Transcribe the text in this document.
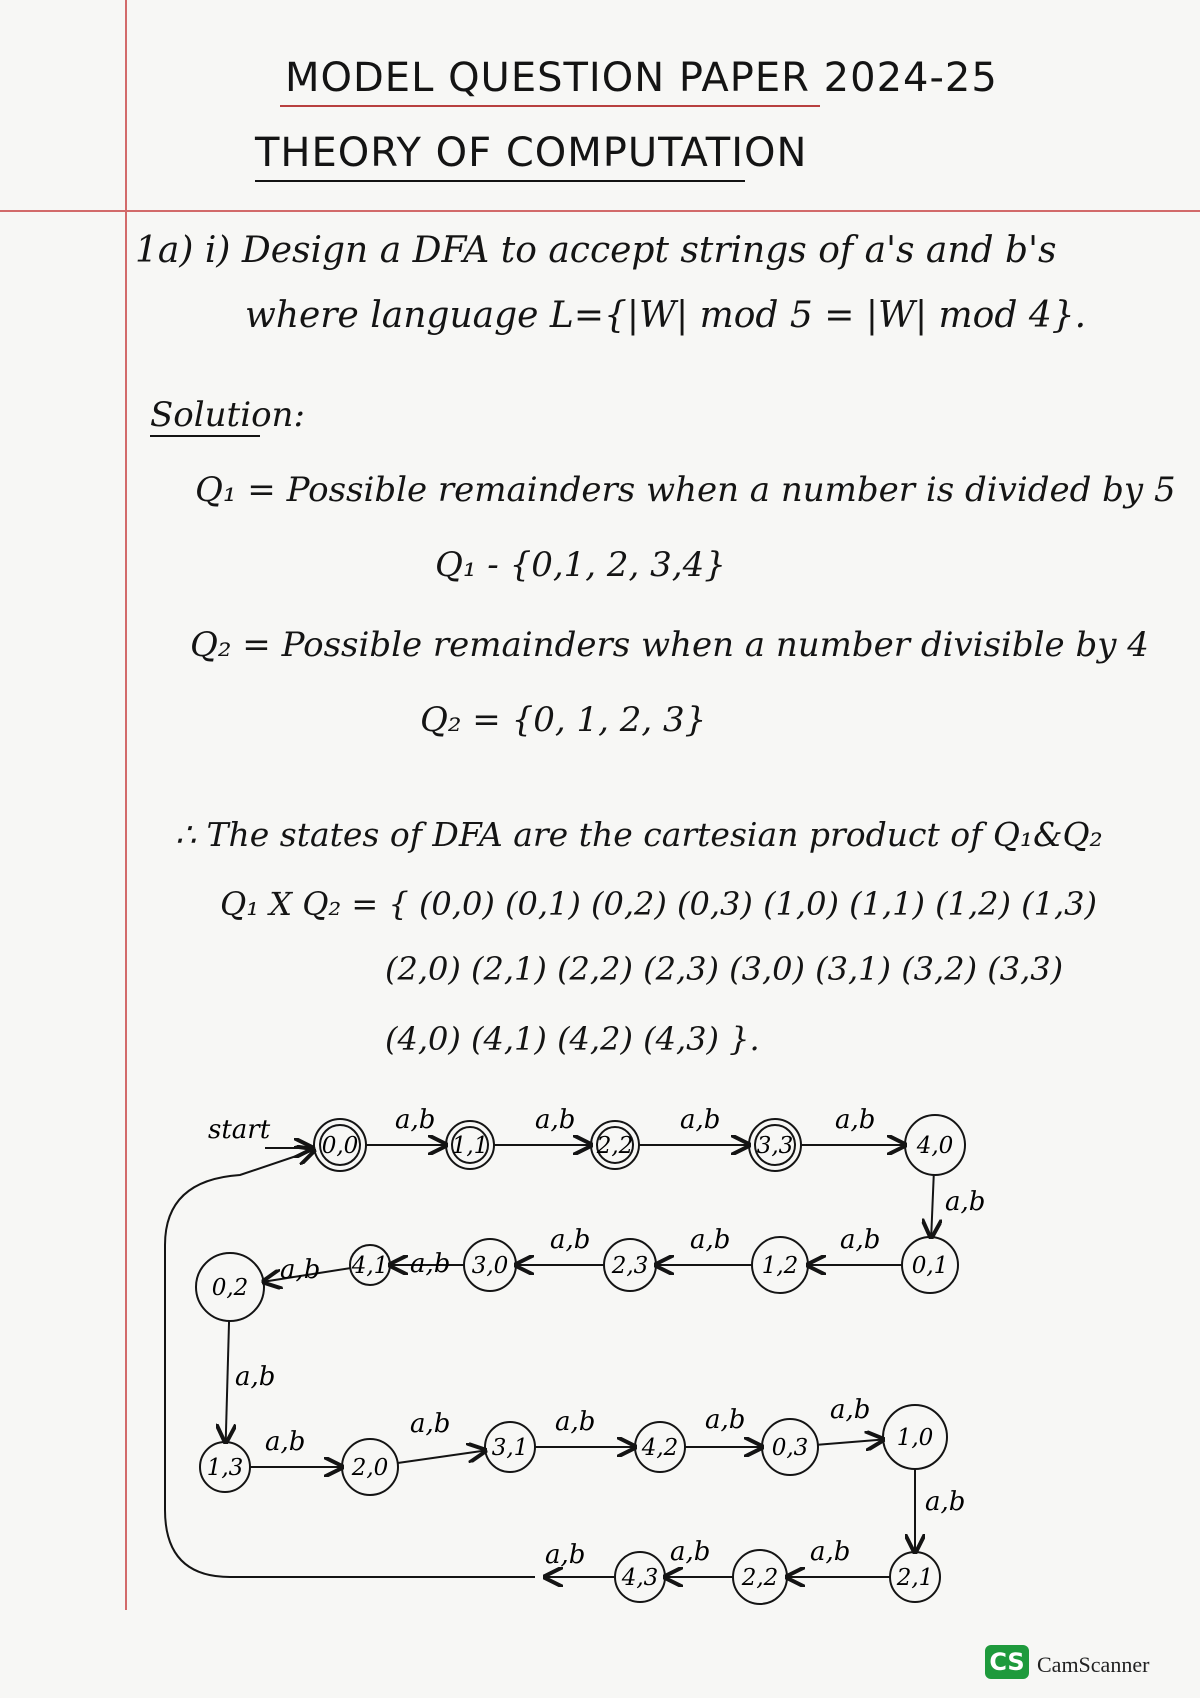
MODEL QUESTION PAPER 2024-25
THEORY OF COMPUTATION
1a) i) Design a DFA to accept strings of a's and b's
where language L={|W| mod 5 = |W| mod 4}.
Solution:
Q₁ = Possible remainders when a number is divided by 5
Q₁ - {0,1, 2, 3,4}
Q₂ = Possible remainders when a number divisible by 4
Q₂ = {0, 1, 2, 3}
∴ The states of DFA are the cartesian product of Q₁&Q₂
Q₁ X Q₂ = { (0,0) (0,1) (0,2) (0,3) (1,0) (1,1) (1,2) (1,3)
(2,0) (2,1) (2,2) (2,3) (3,0) (3,1) (3,2) (3,3)
(4,0) (4,1) (4,2) (4,3) }.
start	a,b	a,b	a,b	a,b
a,b
a,b
a,b
a,b
a,b
a,b
a,b
a,b
a,b	a,b	a,b	a,b
a,b
a,b
a,b
a,b
0,0	1,1	2,2	3,3	4,0
0,1
1,2
2,3
3,0
4,1
0,2
1,3	2,0
3,1	4,2	0,3	1,0
2,1
2,2
4,3
CS CamScanner
